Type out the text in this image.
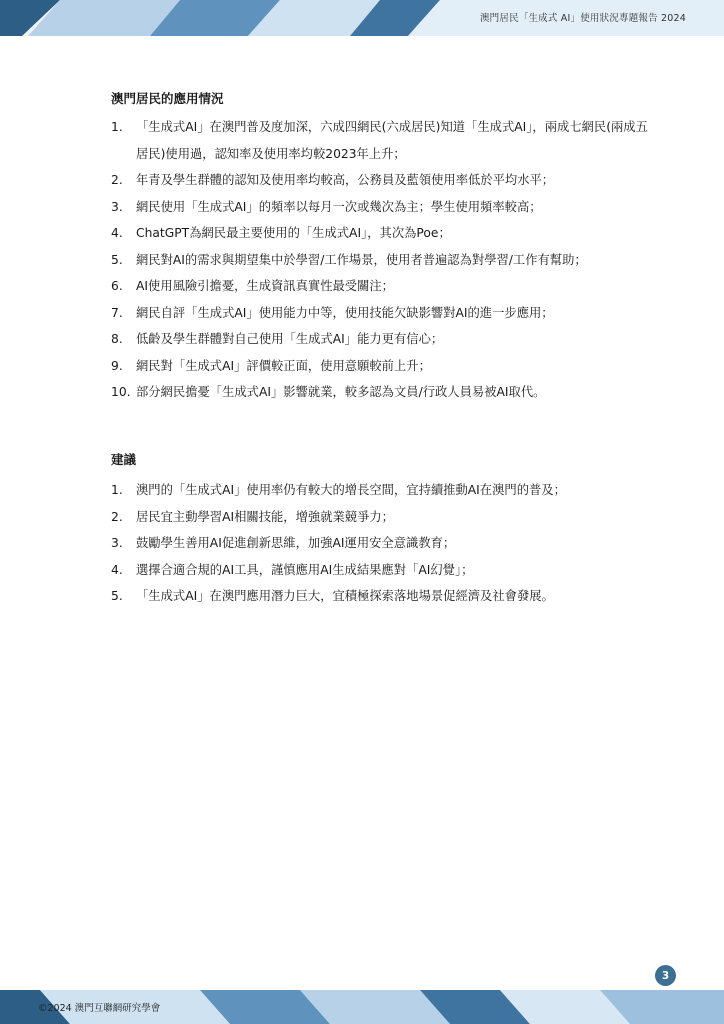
澳門居民「生成式 AI」使用狀況專題報告 2024
澳門居民的應用情況
1. 「生成式AI」在澳門普及度加深，六成四網民(六成居民)知道「生成式AI」，兩成七網民(兩成五居民)使用過，認知率及使用率均較2023年上升；
2. 年青及學生群體的認知及使用率均較高，公務員及藍領使用率低於平均水平；
3. 網民使用「生成式AI」的頻率以每月一次或幾次為主；學生使用頻率較高；
4. ChatGPT為網民最主要使用的「生成式AI」，其次為Poe；
5. 網民對AI的需求與期望集中於學習/工作場景，使用者普遍認為對學習/工作有幫助；
6. AI使用風險引擔憂，生成資訊真實性最受關注；
7. 網民自評「生成式AI」使用能力中等，使用技能欠缺影響對AI的進一步應用；
8. 低齡及學生群體對自己使用「生成式AI」能力更有信心；
9. 網民對「生成式AI」評價較正面，使用意願較前上升；
10. 部分網民擔憂「生成式AI」影響就業，較多認為文員/行政人員易被AI取代。
建議
1. 澳門的「生成式AI」使用率仍有較大的增長空間，宜持續推動AI在澳門的普及；
2. 居民宜主動學習AI相關技能，增強就業競爭力；
3. 鼓勵學生善用AI促進創新思維，加強AI運用安全意識教育；
4. 選擇合適合規的AI工具，謹慎應用AI生成結果應對「AI幻覺」；
5. 「生成式AI」在澳門應用潛力巨大，宜積極探索落地場景促經濟及社會發展。
3
©2024 澳門互聯網研究學會
